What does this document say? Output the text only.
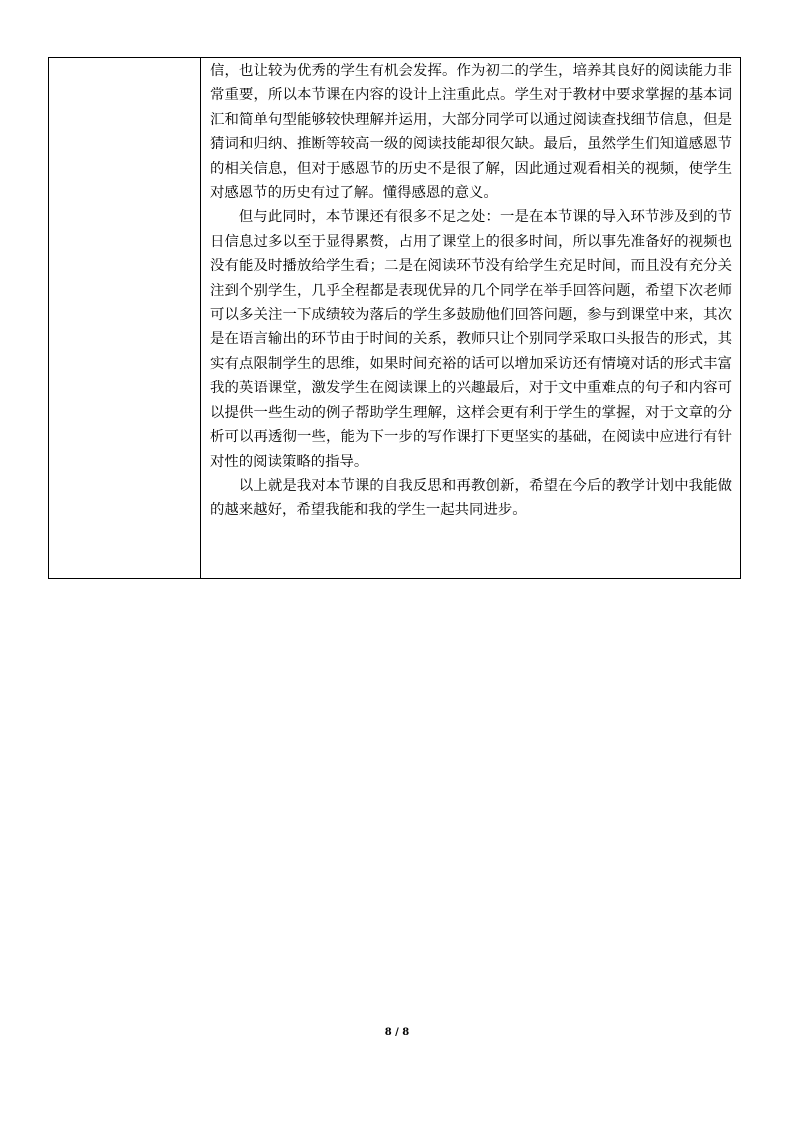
信，也让较为优秀的学生有机会发挥。作为初二的学生，培养其良好的阅读能力非常重要，所以本节课在内容的设计上注重此点。学生对于教材中要求掌握的基本词汇和简单句型能够较快理解并运用，大部分同学可以通过阅读查找细节信息，但是猜词和归纳、推断等较高一级的阅读技能却很欠缺。最后，虽然学生们知道感恩节的相关信息，但对于感恩节的历史不是很了解，因此通过观看相关的视频，使学生对感恩节的历史有过了解。懂得感恩的意义。

但与此同时，本节课还有很多不足之处：一是在本节课的导入环节涉及到的节日信息过多以至于显得累赘，占用了课堂上的很多时间，所以事先准备好的视频也没有能及时播放给学生看；二是在阅读环节没有给学生充足时间，而且没有充分关注到个别学生，几乎全程都是表现优异的几个同学在举手回答问题，希望下次老师可以多关注一下成绩较为落后的学生多鼓励他们回答问题，参与到课堂中来，其次是在语言输出的环节由于时间的关系，教师只让个别同学采取口头报告的形式，其实有点限制学生的思维，如果时间充裕的话可以增加采访还有情境对话的形式丰富我的英语课堂，激发学生在阅读课上的兴趣最后，对于文中重难点的句子和内容可以提供一些生动的例子帮助学生理解，这样会更有利于学生的掌握，对于文章的分析可以再透彻一些，能为下一步的写作课打下更坚实的基础，在阅读中应进行有针对性的阅读策略的指导。

以上就是我对本节课的自我反思和再教创新，希望在今后的教学计划中我能做的越来越好，希望我能和我的学生一起共同进步。

8 / 8
